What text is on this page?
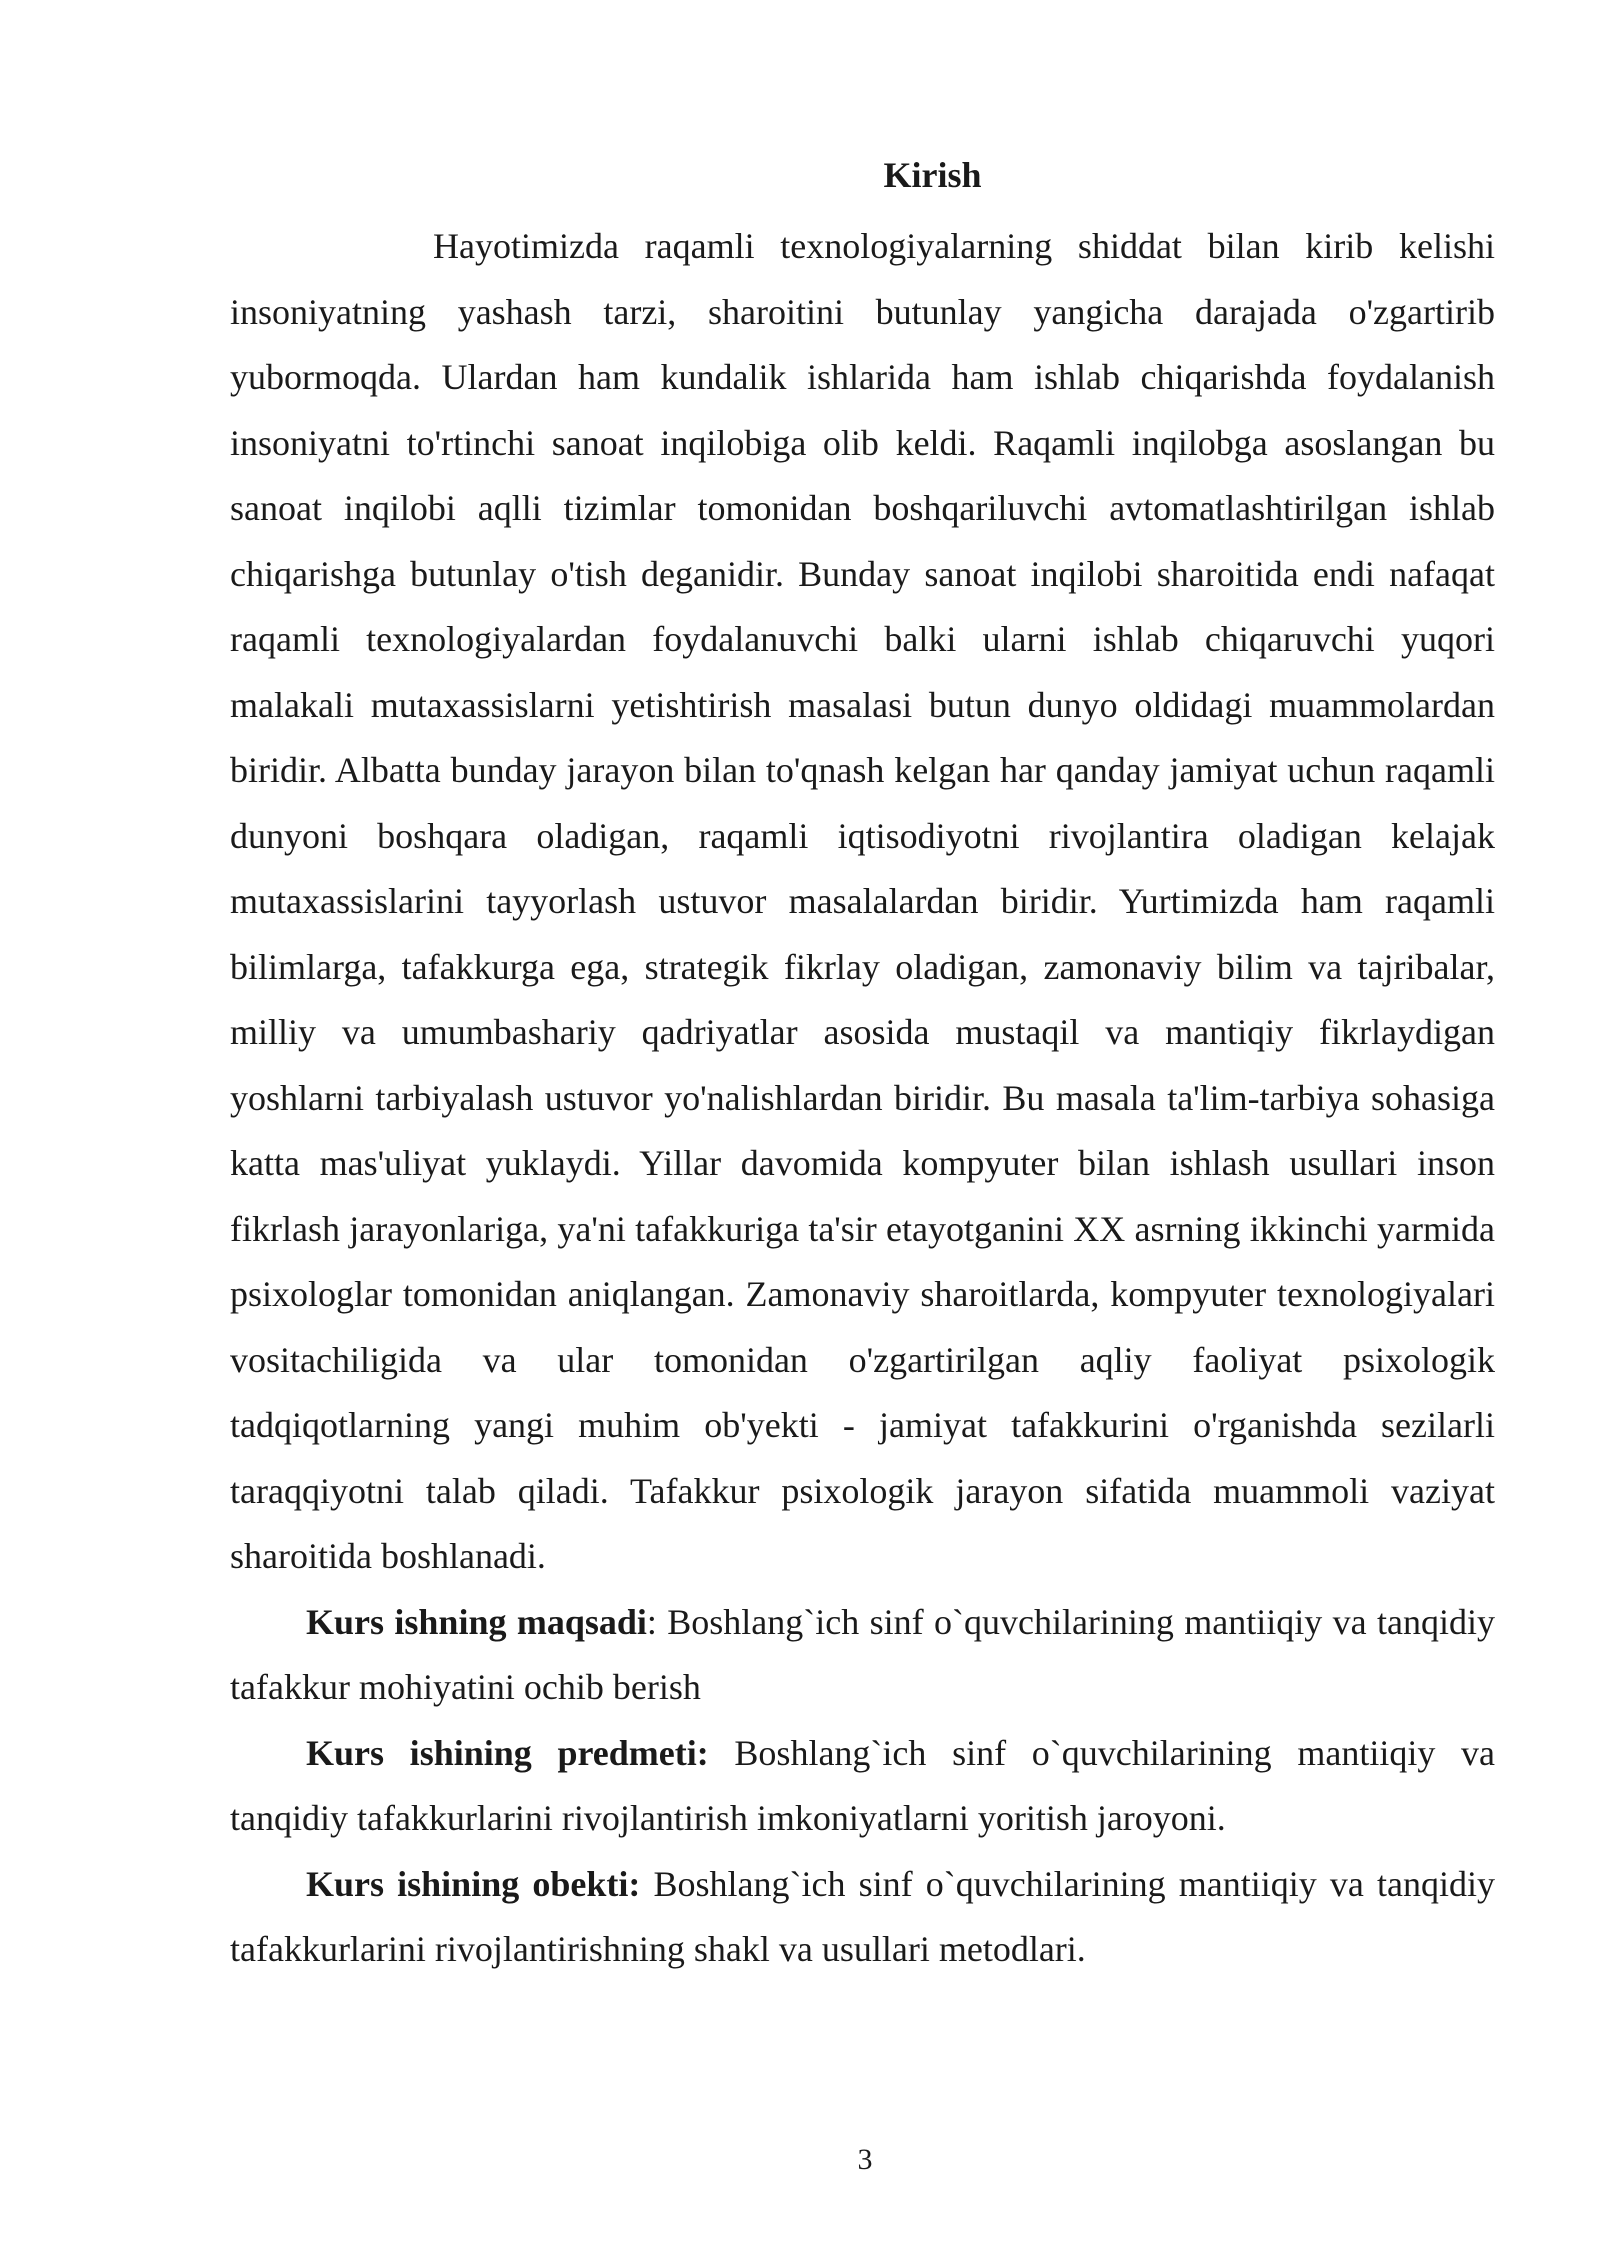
Kirish

Hayotimizda raqamli texnologiyalarning shiddat bilan kirib kelishi insoniyatning yashash tarzi, sharoitini butunlay yangicha darajada o'zgartirib yubormoqda. Ulardan ham kundalik ishlarida ham ishlab chiqarishda foydalanish insoniyatni to'rtinchi sanoat inqilobiga olib keldi. Raqamli inqilobga asoslangan bu sanoat inqilobi aqlli tizimlar tomonidan boshqariluvchi avtomatlashtirilgan ishlab chiqarishga butunlay o'tish deganidir. Bunday sanoat inqilobi sharoitida endi nafaqat raqamli texnologiyalardan foydalanuvchi balki ularni ishlab chiqaruvchi yuqori malakali mutaxassislarni yetishtirish masalasi butun dunyo oldidagi muammolardan biridir. Albatta bunday jarayon bilan to'qnash kelgan har qanday jamiyat uchun raqamli dunyoni boshqara oladigan, raqamli iqtisodiyotni rivojlantira oladigan kelajak mutaxassislarini tayyorlash ustuvor masalalardan biridir. Yurtimizda ham raqamli bilimlarga, tafakkurga ega, strategik fikrlay oladigan, zamonaviy bilim va tajribalar, milliy va umumbashariy qadriyatlar asosida mustaqil va mantiqiy fikrlaydigan yoshlarni tarbiyalash ustuvor yo'nalishlardan biridir. Bu masala ta'lim-tarbiya sohasiga katta mas'uliyat yuklaydi. Yillar davomida kompyuter bilan ishlash usullari inson fikrlash jarayonlariga, ya'ni tafakkuriga ta'sir etayotganini XX asrning ikkinchi yarmida psixologlar tomonidan aniqlangan. Zamonaviy sharoitlarda, kompyuter texnologiyalari vositachiligida va ular tomonidan o'zgartirilgan aqliy faoliyat psixologik tadqiqotlarning yangi muhim ob'yekti - jamiyat tafakkurini o'rganishda sezilarli taraqqiyotni talab qiladi. Tafakkur psixologik jarayon sifatida muammoli vaziyat sharoitida boshlanadi.

Kurs ishning maqsadi: Boshlang`ich sinf o`quvchilarining mantiiqiy va tanqidiy tafakkur mohiyatini ochib berish

Kurs ishining predmeti: Boshlang`ich sinf o`quvchilarining mantiiqiy va tanqidiy tafakkurlarini rivojlantirish imkoniyatlarni yoritish jaroyoni.

Kurs ishining obekti: Boshlang`ich sinf o`quvchilarining mantiiqiy va tanqidiy tafakkurlarini rivojlantirishning shakl va usullari metodlari.

3
